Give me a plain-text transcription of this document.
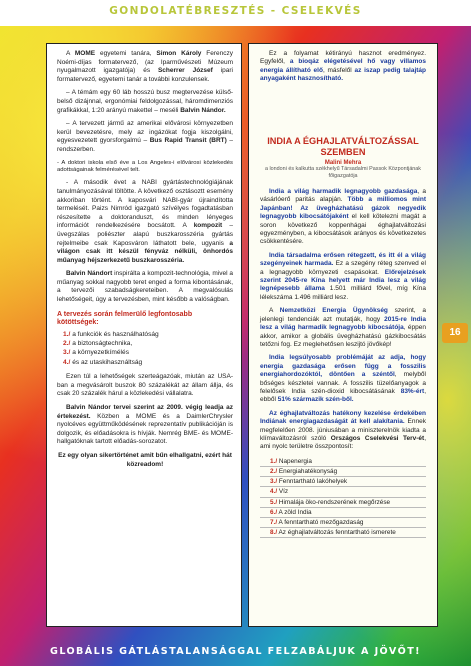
GONDOLATÉBRESZTÉS - CSELEKVÉS

A MOME egyetemi tanára, Simon Károly Ferenczy Noémi-díjas formatervező, (az Iparművészeti Múzeum nyugalmazott igazgatója) és Scherrer József ipari formatervező, egyetemi tanár a további konzulensek.

– A témám egy 60 láb hosszú busz megtervezése külső-belső dizájnnal, ergonómiai feldolgozással, háromdimenziós grafikákkal, 1:20 arányú makettel – meséli Balvin Nándor.

– A tervezett jármű az amerikai elővárosi környezetben kerül bevezetésre, mely az ingázókat fogja kiszolgálni, egyesvezetett gyorsforgalmú – Bus Rapid Transit (BRT) – rendszerben.

- A doktori iskola első éve a Los Angeles-i elővárosi közlekedés adottságainak felmérésével telt.

- A második évet a NABI gyártástechnológiájának tanulmányozásával töltötte. A következő osztásoztt esemény akkoriban történt. A kaposvári NABI-gyár újraindította termelését. Paizs Nimród igazgató szívélyes fogadtatásban részesítette a doktoranduszt, és minden lényeges információt rendelkezésére bocsátott. A kompozit – üvegszálas poliészter alapú buszkarosszéria gyártás rejtelmeibe csak Kaposváron láthatott bele, ugyanis a világon csak itt készül fényváz nélküli, önhordós műanyag héjszerkezetű buszkarosszéria.

Balvin Nándort inspirálta a kompozit-technológia, mivel a műanyag sokkal nagyobb teret enged a forma kibontásának, a tervezői szabadságkereteiben. A megvalósulás lehetőségeit, úgy a tervezésben, mint később a valóságban.

A tervezés során felmerülő legfontosabb kötöttségek:

1./ a funkciók és használhatóság
2./ a biztonságtechnika,
3./ a környezetkímélés
4./ és az utaskihasználtság

Ezen túl a lehetőségek szerteágazóak, miután az USA-ban a megvásárolt buszok 80 százalékát az állam állja, és csak 20 százalék hárul a közlekedési vállalatra.

Balvin Nándor tervei szerint az 2009. végig leadja az értekezést. Közben a MOME és a DaimlerChrysler nyolcéves együttműködésének reprezentatív publikációján is dolgozik, és előadásokra is hívják. Nemrég BME- és MOME-hallgatóknak tartott előadás-sorozatot.

Ez egy olyan sikertörténet amit bűn elhallgatni, ezért hát közreadom!

Ez a folyamat kétirányú hasznot eredményez. Egyfelől, a bioqáz elégetésével hő vagy villamos energia állítható elő, másfelől az iszap pedig talajtáp anyagaként hasznosítható.

INDIA A ÉGHAJLATVÁLTOZÁSSAL SZEMBEN

Malini Mehra

a londoni és kalkutta székhelyű Társadalmi Passok Központjának főigazgatója

India a világ harmadik legnagyobb gazdasága, a vásárlóerő paritás alapján. Több a milliomos mint Japánban! Az üvegházhatású gázok negyedik legnagyobb kibocsátójaként el kell kötelezni magát a soron következő koppenhágai éghajlatváltozási egyezményben, a kibocsátások arányos és következetes csökkentésére.

India társadalma erősen rétegzett, és itt él a világ szegényeinek harmada. Ez a szegény réteg szenved el a legnagyobb környezeti csapásokat. Előrejelzések szerint 2045-re Kína helyett már India lesz a világ legnépesebb állama 1.501 milliárd fővel, míg Kína lélekszáma 1.496 milliárd lesz.

A Nemzetközi Energia Ügynökség szerint, a jelenlegi tendenciák azt mutatják, hogy 2015-re India lesz a világ harmadik legnagyobb kibocsátója, éppen akkor, amikor a globális üvegházhatású gázkibocsátás tetőzni fog. Ez meglehetősen leszijtó jövőkép!

India legsúlyosabb problémáját az adja, hogy energia gazdasága erősen függ a fosszilis energiahordozóktól, döntően a széntől, melyből bőséges készletei vannak. A fosszilis tüzelőanyagok a felelősek India szén-dioxid kibocsátásának 83%-ért, ebből 51% származik szén-ből.

Az éghajlatváltozás hatékony kezelése érdekében Indiának energiagazdaságát át kell alakítania. Ennek megfelelően 2008. júniusában a miniszterelnök kiadta a klímaváltozásról szóló Országos Cselekvési Terv-ét, ami nyolc területre összpontosít:

1./ Napenergia
2./ Energiahatékonyság
3./ Fenntartható lakóhelyek
4./ Víz
5./ Himalája öko-rendszerének megőrzése
6./ A zöld India
7./ A fenntartható mezőgazdaság
8./ Az éghajlatváltozás fenntartható ismerete
16
GLOBÁLIS GÁTLÁSTALANSÁGGAL FELZABÁLJUK A JÖVŐT!
